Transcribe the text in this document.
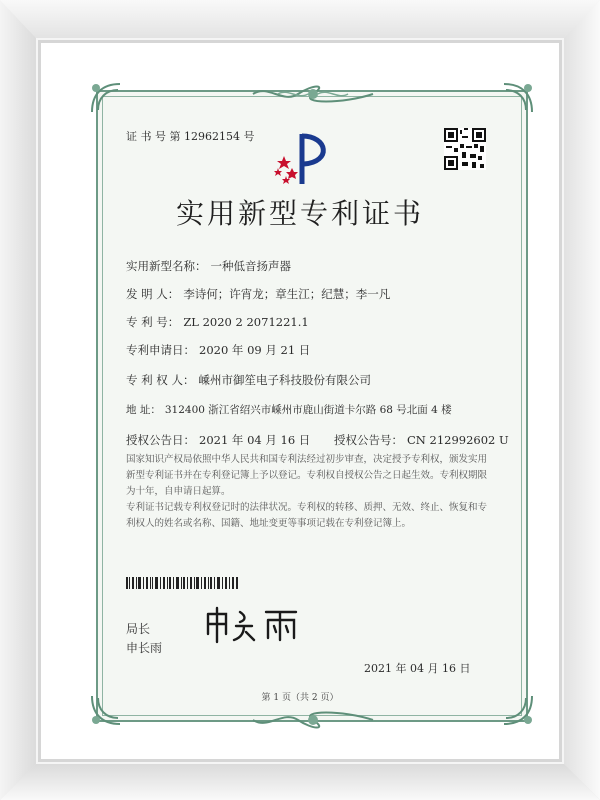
证 书 号 第 12962154 号
实用新型专利证书
实用新型名称： 一种低音扬声器
发 明 人： 李诗何；许宵龙；章生江；纪慧；李一凡
专 利 号： ZL 2020 2 2071221.1
专利申请日： 2020 年 09 月 21 日
专 利 权 人： 嵊州市御笙电子科技股份有限公司
地 址： 312400 浙江省绍兴市嵊州市鹿山街道卡尔路 68 号北面 4 楼
授权公告日： 2021 年 04 月 16 日 授权公告号： CN 212992602 U
国家知识产权局依照中华人民共和国专利法经过初步审查，决定授予专利权，颁发实用新型专利证书并在专利登记簿上予以登记。专利权自授权公告之日起生效。专利权期限为十年，自申请日起算。
专利证书记载专利权登记时的法律状况。专利权的转移、质押、无效、终止、恢复和专利权人的姓名或名称、国籍、地址变更等事项记载在专利登记簿上。
局长
申长雨
2021 年 04 月 16 日
第 1 页（共 2 页）
